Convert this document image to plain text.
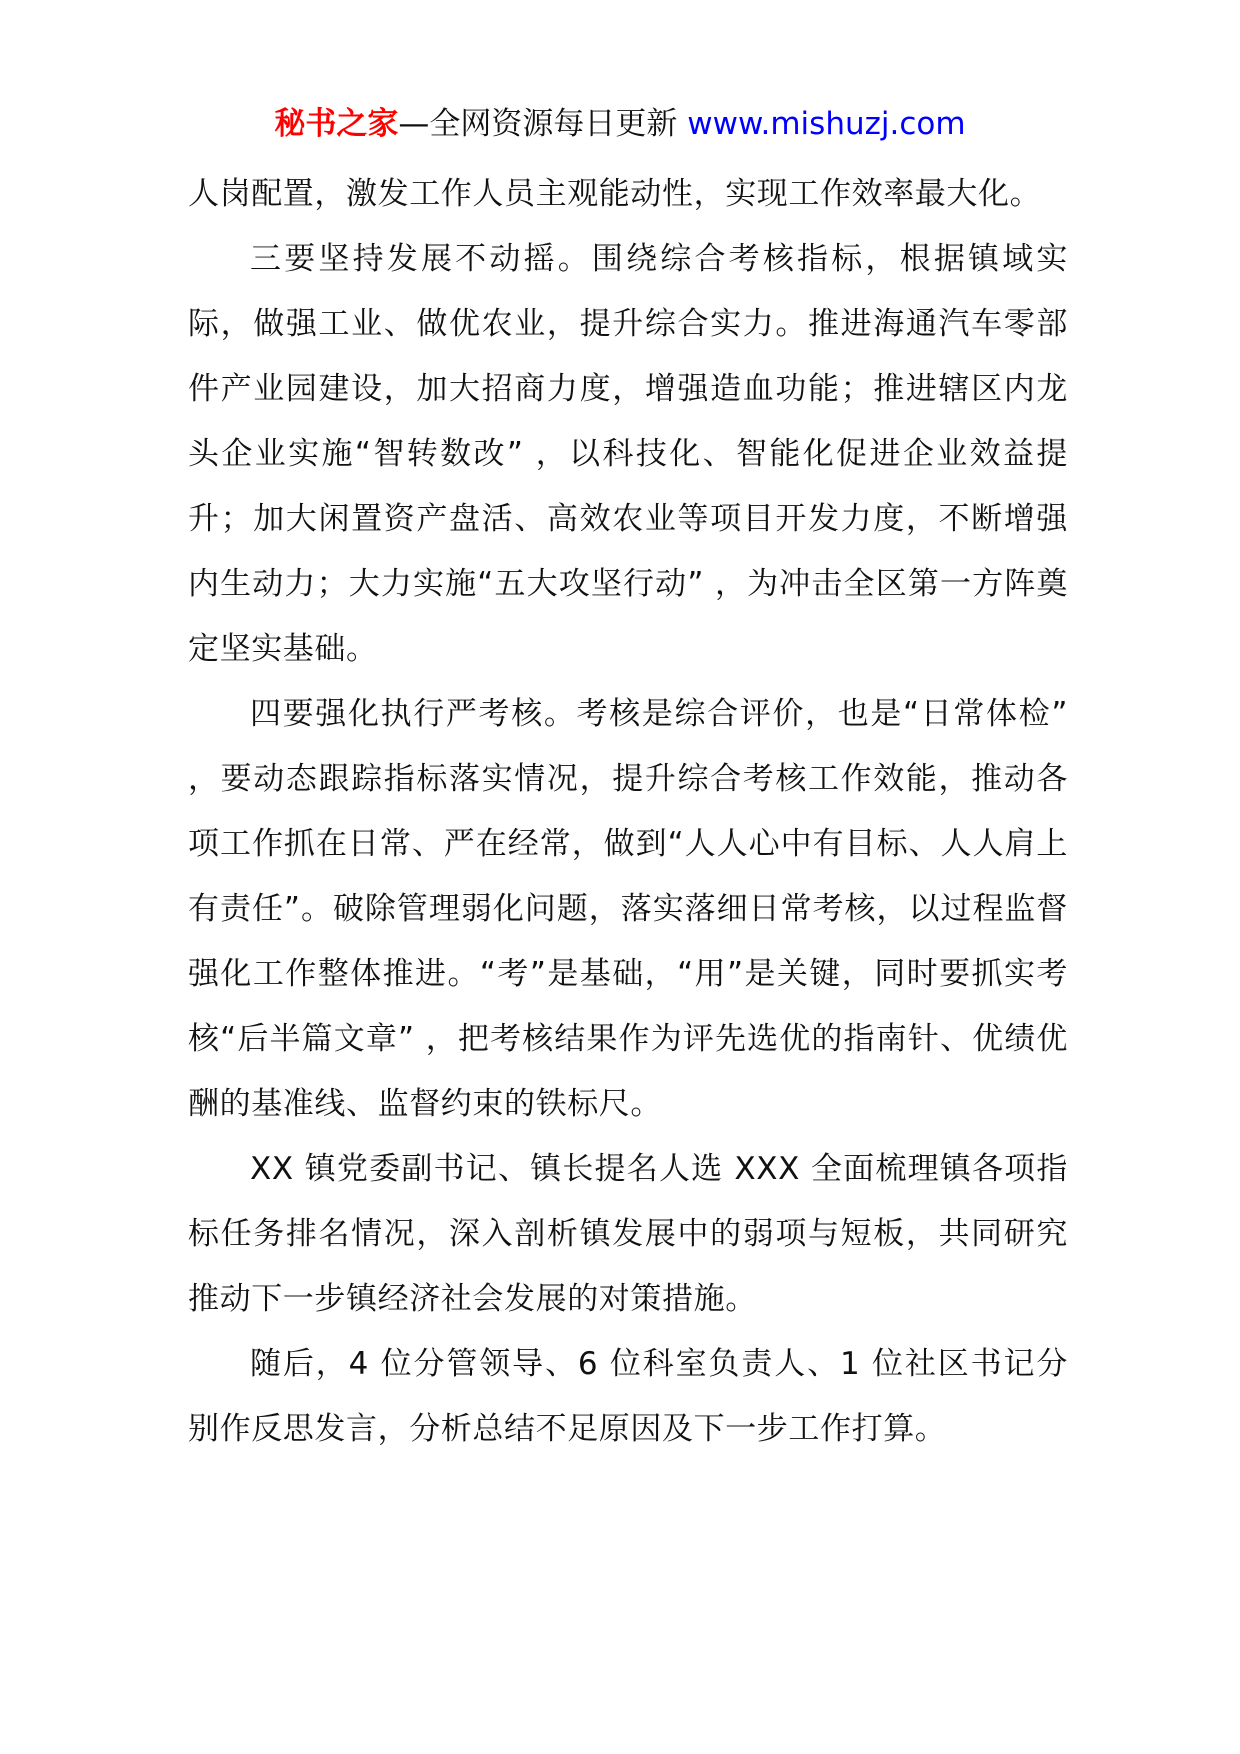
秘书之家—全网资源每日更新 www.mishuzj.com

人岗配置，激发工作人员主观能动性，实现工作效率最大化。

三要坚持发展不动摇。围绕综合考核指标，根据镇域实际，做强工业、做优农业，提升综合实力。推进海通汽车零部件产业园建设，加大招商力度，增强造血功能；推进辖区内龙头企业实施“智转数改” ，以科技化、智能化促进企业效益提升；加大闲置资产盘活、高效农业等项目开发力度，不断增强内生动力；大力实施“五大攻坚行动” ，为冲击全区第一方阵奠定坚实基础。

四要强化执行严考核。考核是综合评价，也是“日常体检” ，要动态跟踪指标落实情况，提升综合考核工作效能，推动各项工作抓在日常、严在经常，做到“人人心中有目标、人人肩上有责任”。破除管理弱化问题，落实落细日常考核，以过程监督强化工作整体推进。“考”是基础，“用”是关键，同时要抓实考核“后半篇文章” ，把考核结果作为评先选优的指南针、优绩优酬的基准线、监督约束的铁标尺。

XX 镇党委副书记、镇长提名人选 XXX 全面梳理镇各项指标任务排名情况，深入剖析镇发展中的弱项与短板，共同研究推动下一步镇经济社会发展的对策措施。

随后，4 位分管领导、6 位科室负责人、1 位社区书记分别作反思发言，分析总结不足原因及下一步工作打算。
